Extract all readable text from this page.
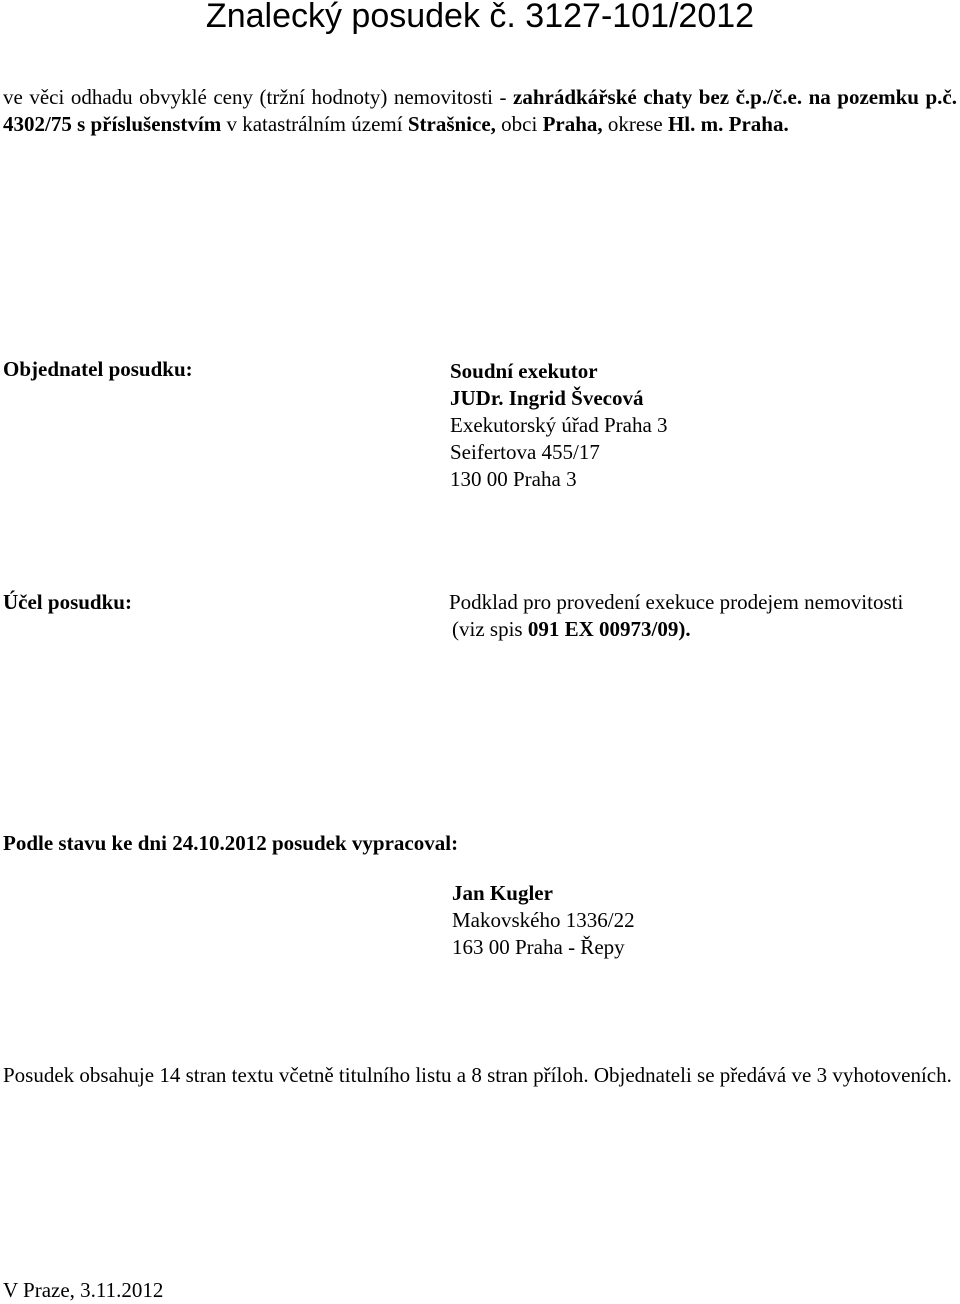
Znalecký posudek č. 3127-101/2012
ve věci odhadu obvyklé ceny (tržní hodnoty) nemovitosti - zahrádkářské chaty bez č.p./č.e. na pozemku p.č. 4302/75 s příslušenstvím v katastrálním území Strašnice, obci Praha, okrese Hl. m. Praha.
Objednatel posudku:	Soudní exekutor
JUDr. Ingrid Švecová
Exekutorský úřad Praha 3
Seifertova 455/17
130 00 Praha 3
Účel posudku:	Podklad pro provedení exekuce prodejem nemovitosti
(viz spis 091 EX 00973/09).
Podle stavu ke dni 24.10.2012 posudek vypracoval:
Jan Kugler
Makovského 1336/22
163 00 Praha - Řepy
Posudek obsahuje 14 stran textu včetně titulního listu a 8 stran příloh. Objednateli se předává ve 3 vyhotoveních.
V Praze, 3.11.2012
